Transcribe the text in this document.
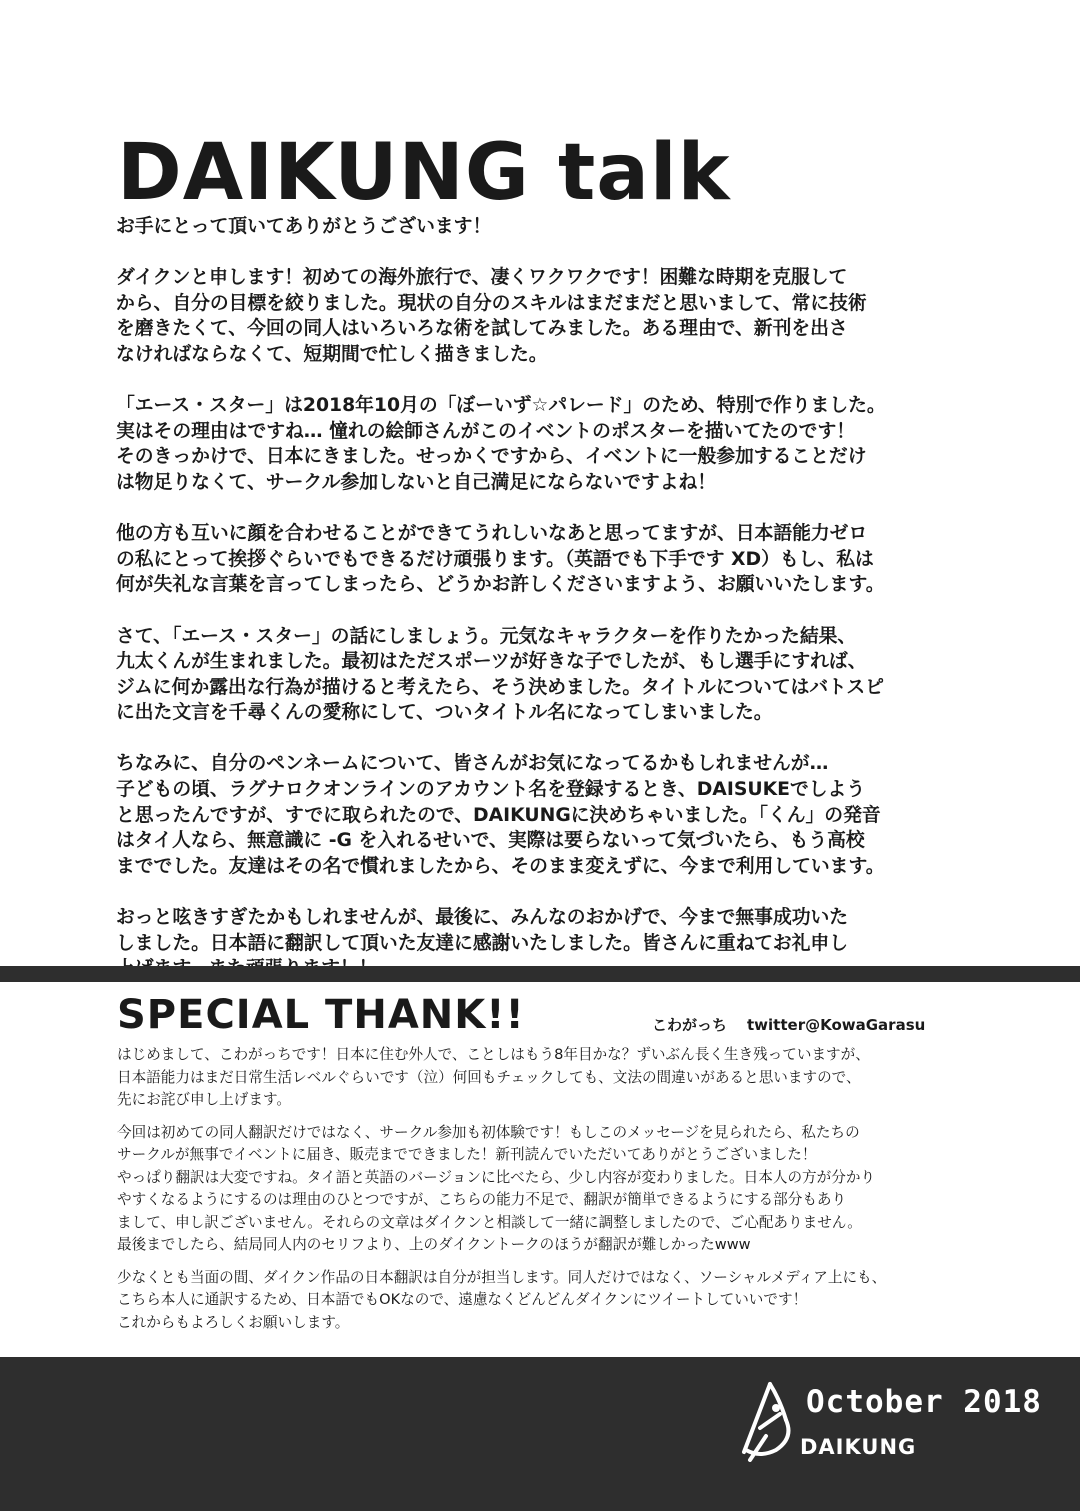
DAIKUNG talk

お手にとって頂いてありがとうございます！

ダイクンと申します！初めての海外旅行で、凄くワクワクです！困難な時期を克服して
から、自分の目標を絞りました。現状の自分のスキルはまだまだと思いまして、常に技術
を磨きたくて、今回の同人はいろいろな術を試してみました。ある理由で、新刊を出さ
なければならなくて、短期間で忙しく描きました。

「エース・スター」は2018年10月の「ぼーいず☆パレード」のため、特別で作りました。
実はその理由はですね… 憧れの絵師さんがこのイベントのポスターを描いてたのです！
そのきっかけで、日本にきました。せっかくですから、イベントに一般参加することだけ
は物足りなくて、サークル参加しないと自己満足にならないですよね！

他の方も互いに顔を合わせることができてうれしいなあと思ってますが、日本語能力ゼロ
の私にとって挨拶ぐらいでもできるだけ頑張ります。（英語でも下手です XD）もし、私は
何が失礼な言葉を言ってしまったら、どうかお許しくださいますよう、お願いいたします。

さて、「エース・スター」の話にしましょう。元気なキャラクターを作りたかった結果、
九太くんが生まれました。最初はただスポーツが好きな子でしたが、もし選手にすれば、
ジムに何か露出な行為が描けると考えたら、そう決めました。タイトルについてはバトスピ
に出た文言を千尋くんの愛称にして、ついタイトル名になってしまいました。

ちなみに、自分のペンネームについて、皆さんがお気になってるかもしれませんが…
子どもの頃、ラグナロクオンラインのアカウント名を登録するとき、DAISUKEでしよう
と思ったんですが、すでに取られたので、DAIKUNGに決めちゃいました。「くん」の発音
はタイ人なら、無意識に -G を入れるせいで、実際は要らないって気づいたら、もう高校
まででした。友達はその名で慣れましたから、そのまま変えずに、今まで利用しています。

おっと呟きすぎたかもしれませんが、最後に、みんなのおかげで、今まで無事成功いた
しました。日本語に翻訳して頂いた友達に感謝いたしました。皆さんに重ねてお礼申し

SPECIAL THANK!!	こわがっち twitter@KowaGarasu

はじめまして、こわがっちです！日本に住む外人で、ことしはもう8年目かな？ずいぶん長く生き残っていますが、
日本語能力はまだ日常生活レベルぐらいです（泣）何回もチェックしても、文法の間違いがあると思いますので、
先にお詫び申し上げます。

今回は初めての同人翻訳だけではなく、サークル参加も初体験です！もしこのメッセージを見られたら、私たちの
サークルが無事でイベントに届き、販売までできました！新刊読んでいただいてありがとうございました！
やっぱり翻訳は大変ですね。タイ語と英語のバージョンに比べたら、少し内容が変わりました。日本人の方が分かり
やすくなるようにするのは理由のひとつですが、こちらの能力不足で、翻訳が簡単できるようにする部分もあり
まして、申し訳ございません。それらの文章はダイクンと相談して一緒に調整しましたので、ご心配ありません。
最後までしたら、結局同人内のセリフより、上のダイクントークのほうが翻訳が難しかったwww

少なくとも当面の間、ダイクン作品の日本翻訳は自分が担当します。同人だけではなく、ソーシャルメディア上にも、
こちら本人に通訳するため、日本語でもOKなので、遠慮なくどんどんダイクンにツイートしていいです！
これからもよろしくお願いします。

October 2018
DAIKUNG
